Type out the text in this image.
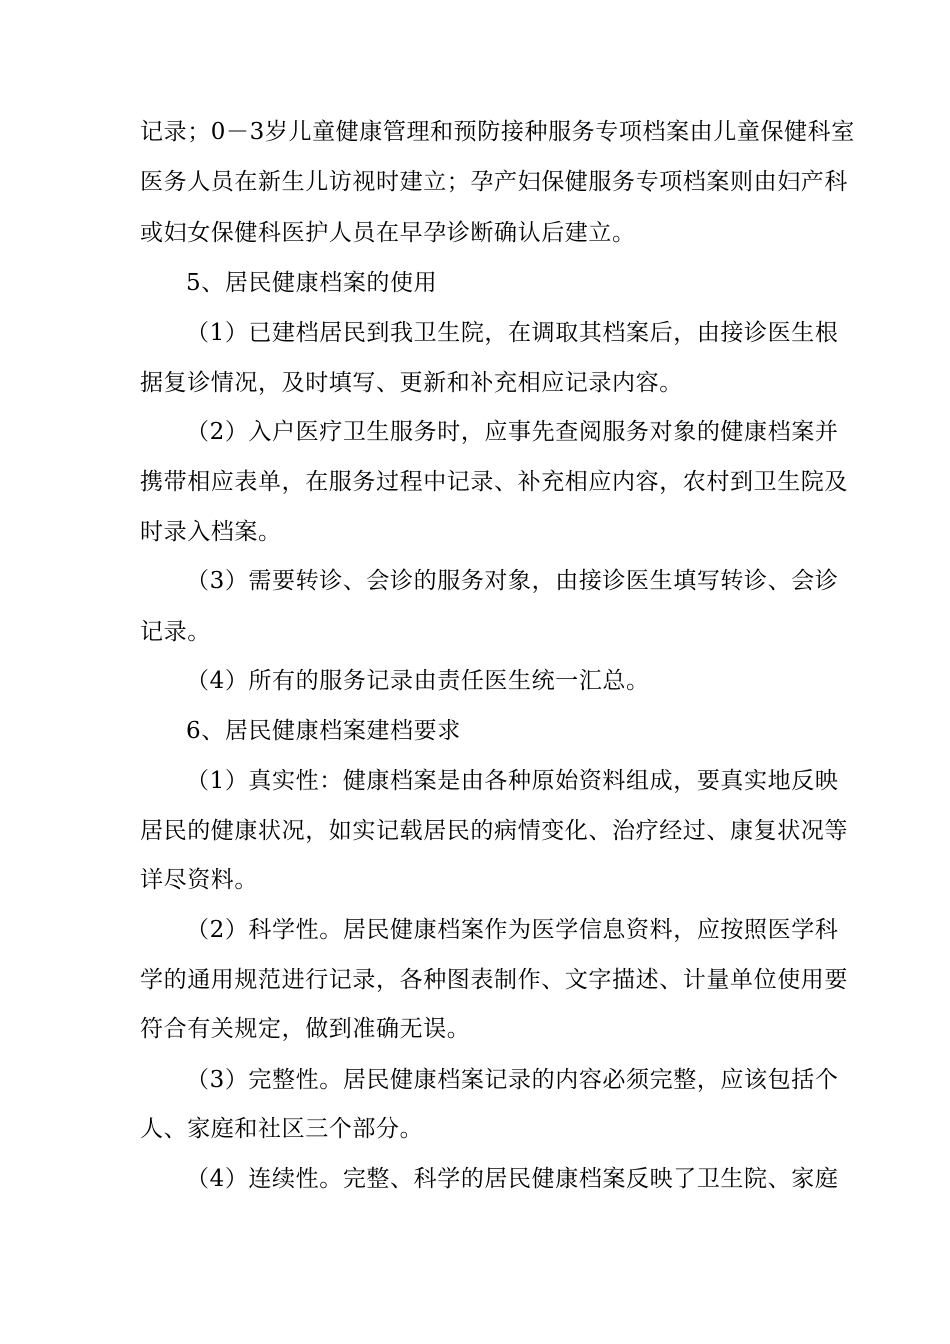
记录；0－3岁儿童健康管理和预防接种服务专项档案由儿童保健科室
医务人员在新生儿访视时建立；孕产妇保健服务专项档案则由妇产科
或妇女保健科医护人员在早孕诊断确认后建立。
5、居民健康档案的使用
（1）已建档居民到我卫生院，在调取其档案后，由接诊医生根
据复诊情况，及时填写、更新和补充相应记录内容。
（2）入户医疗卫生服务时，应事先查阅服务对象的健康档案并
携带相应表单，在服务过程中记录、补充相应内容，农村到卫生院及
时录入档案。
（3）需要转诊、会诊的服务对象，由接诊医生填写转诊、会诊
记录。
（4）所有的服务记录由责任医生统一汇总。
6、居民健康档案建档要求
（1）真实性：健康档案是由各种原始资料组成，要真实地反映
居民的健康状况，如实记载居民的病情变化、治疗经过、康复状况等
详尽资料。
（2）科学性。居民健康档案作为医学信息资料，应按照医学科
学的通用规范进行记录，各种图表制作、文字描述、计量单位使用要
符合有关规定，做到准确无误。
（3）完整性。居民健康档案记录的内容必须完整，应该包括个
人、家庭和社区三个部分。
（4）连续性。完整、科学的居民健康档案反映了卫生院、家庭
